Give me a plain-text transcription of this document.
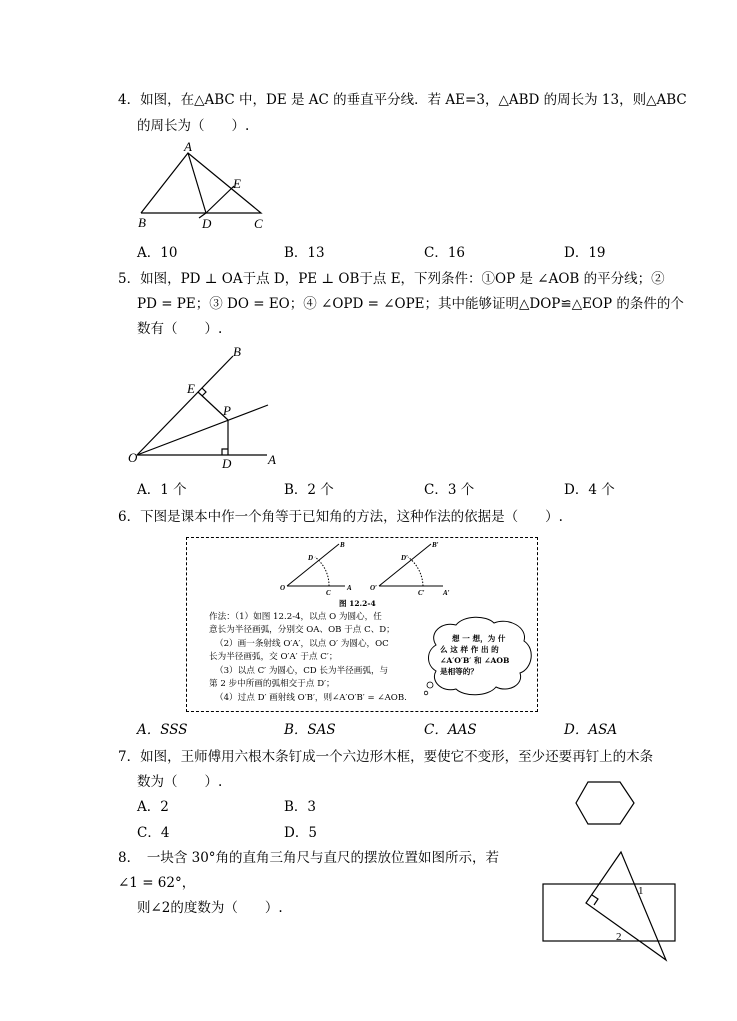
4．如图，在△ABC 中，DE 是 AC 的垂直平分线．若 AE=3，△ABD 的周长为 13，则△ABC
的周长为（　　）.
A
B	C
D
E
A．10	B．13	C．16	D．19
5．如图，PD ⊥ OA于点 D，PE ⊥ OB于点 E，下列条件：①OP 是 ∠AOB 的平分线；②
PD = PE；③ DO = EO；④ ∠OPD = ∠OPE；其中能够证明△DOP≌△EOP 的条件的个
数有（　　）.
B
E
P
O	D	A
A．1 个	B．2 个	C．3 个	D．4 个
6．下图是课本中作一个角等于已知角的方法，这种作法的依据是（　　）.
O
C
A
D
B
O′
C′	A′
D′
B′
图 12.2-4
作法：（1）如图 12.2-4，以点 O 为圆心，任
意长为半径画弧，分别交 OA、OB 于点 C、D；
（2）画一条射线 O′A′，以点 O′ 为圆心，OC
长为半径画弧，交 O′A′ 于点 C′；
（3）以点 C′ 为圆心，CD 长为半径画弧，与
第 2 步中所画的弧相交于点 D′；
（4）过点 D′ 画射线 O′B′，则∠A′O′B′ = ∠AOB.
想 一 想，为 什
么 这 样 作 出 的
∠A′O′B′ 和 ∠AOB
是相等的？
A．SSS	B．SAS	C．AAS	D．ASA
7．如图，王师傅用六根木条钉成一个六边形木框，要使它不变形，至少还要再钉上的木条
数为（　　）.
A．2	B．3
C．4	D．5
8．　一块含 30°角的直角三角尺与直尺的摆放位置如图所示，若
∠1 = 62°，
则∠2的度数为（　　）.
1
2
